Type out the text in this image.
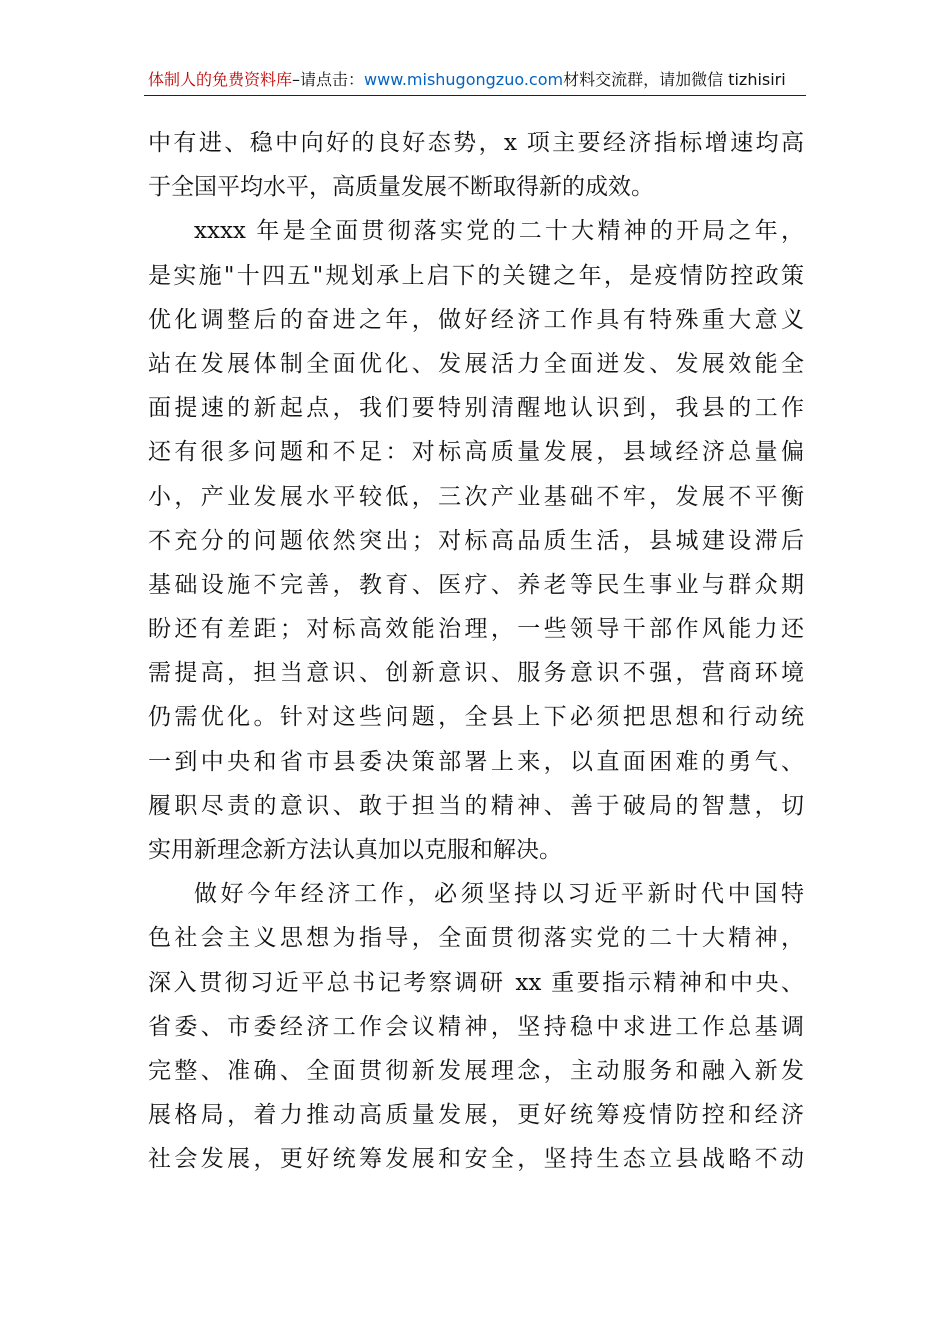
体制人的免费资料库–请点击：www.mishugongzuo.com材料交流群，请加微信 tizhisiri
中有进、稳中向好的良好态势，x 项主要经济指标增速均高
于全国平均水平，高质量发展不断取得新的成效。
xxxx 年是全面贯彻落实党的二十大精神的开局之年，
是实施"十四五"规划承上启下的关键之年，是疫情防控政策
优化调整后的奋进之年，做好经济工作具有特殊重大意义
站在发展体制全面优化、发展活力全面迸发、发展效能全
面提速的新起点，我们要特别清醒地认识到，我县的工作
还有很多问题和不足：对标高质量发展，县域经济总量偏
小，产业发展水平较低，三次产业基础不牢，发展不平衡
不充分的问题依然突出；对标高品质生活，县城建设滞后
基础设施不完善，教育、医疗、养老等民生事业与群众期
盼还有差距；对标高效能治理，一些领导干部作风能力还
需提高，担当意识、创新意识、服务意识不强，营商环境
仍需优化。针对这些问题，全县上下必须把思想和行动统
一到中央和省市县委决策部署上来，以直面困难的勇气、
履职尽责的意识、敢于担当的精神、善于破局的智慧，切
实用新理念新方法认真加以克服和解决。
做好今年经济工作，必须坚持以习近平新时代中国特
色社会主义思想为指导，全面贯彻落实党的二十大精神，
深入贯彻习近平总书记考察调研 xx 重要指示精神和中央、
省委、市委经济工作会议精神，坚持稳中求进工作总基调
完整、准确、全面贯彻新发展理念，主动服务和融入新发
展格局，着力推动高质量发展，更好统筹疫情防控和经济
社会发展，更好统筹发展和安全，坚持生态立县战略不动
